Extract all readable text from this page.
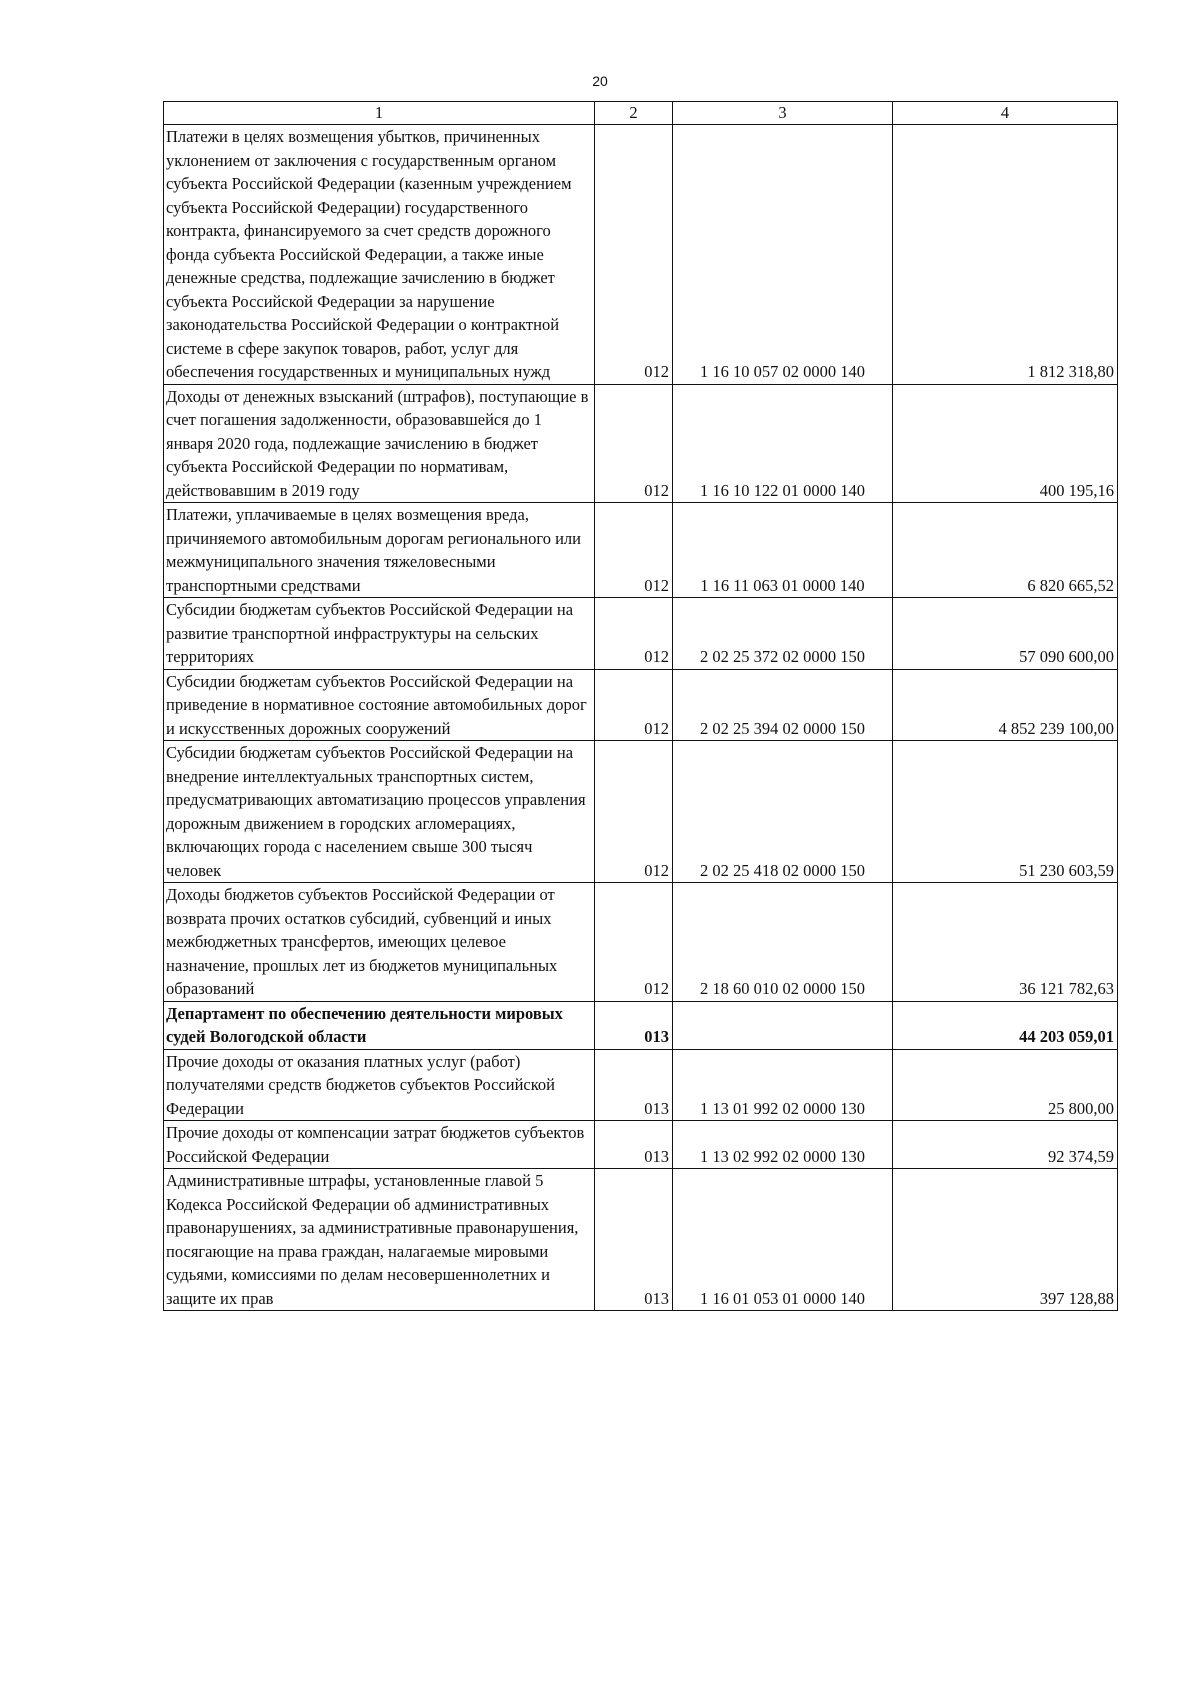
20
1	2	3	4
Платежи в целях возмещения убытков, причиненных уклонением от заключения с государственным органом субъекта Российской Федерации (казенным учреждением субъекта Российской Федерации) государственного контракта, финансируемого за счет средств дорожного фонда субъекта Российской Федерации, а также иные денежные средства, подлежащие зачислению в бюджет субъекта Российской Федерации за нарушение законодательства Российской Федерации о контрактной системе в сфере закупок товаров, работ, услуг для обеспечения государственных и муниципальных нужд	012	1 16 10 057 02 0000 140	1 812 318,80
Доходы от денежных взысканий (штрафов), поступающие в счет погашения задолженности, образовавшейся до 1 января 2020 года, подлежащие зачислению в бюджет субъекта Российской Федерации по нормативам, действовавшим в 2019 году	012	1 16 10 122 01 0000 140	400 195,16
Платежи, уплачиваемые в целях возмещения вреда, причиняемого автомобильным дорогам регионального или межмуниципального значения тяжеловесными транспортными средствами	012	1 16 11 063 01 0000 140	6 820 665,52
Субсидии бюджетам субъектов Российской Федерации на развитие транспортной инфраструктуры на сельских территориях	012	2 02 25 372 02 0000 150	57 090 600,00
Субсидии бюджетам субъектов Российской Федерации на приведение в нормативное состояние автомобильных дорог и искусственных дорожных сооружений	012	2 02 25 394 02 0000 150	4 852 239 100,00
Субсидии бюджетам субъектов Российской Федерации на внедрение интеллектуальных транспортных систем, предусматривающих автоматизацию процессов управления дорожным движением в городских агломерациях, включающих города с населением свыше 300 тысяч человек	012	2 02 25 418 02 0000 150	51 230 603,59
Доходы бюджетов субъектов Российской Федерации от возврата прочих остатков субсидий, субвенций и иных межбюджетных трансфертов, имеющих целевое назначение, прошлых лет из бюджетов муниципальных образований	012	2 18 60 010 02 0000 150	36 121 782,63
Департамент по обеспечению деятельности мировых судей Вологодской области	013		44 203 059,01
Прочие доходы от оказания платных услуг (работ) получателями средств бюджетов субъектов Российской Федерации	013	1 13 01 992 02 0000 130	25 800,00
Прочие доходы от компенсации затрат бюджетов субъектов Российской Федерации	013	1 13 02 992 02 0000 130	92 374,59
Административные штрафы, установленные главой 5 Кодекса Российской Федерации об административных правонарушениях, за административные правонарушения, посягающие на права граждан, налагаемые мировыми судьями, комиссиями по делам несовершеннолетних и защите их прав	013	1 16 01 053 01 0000 140	397 128,88
